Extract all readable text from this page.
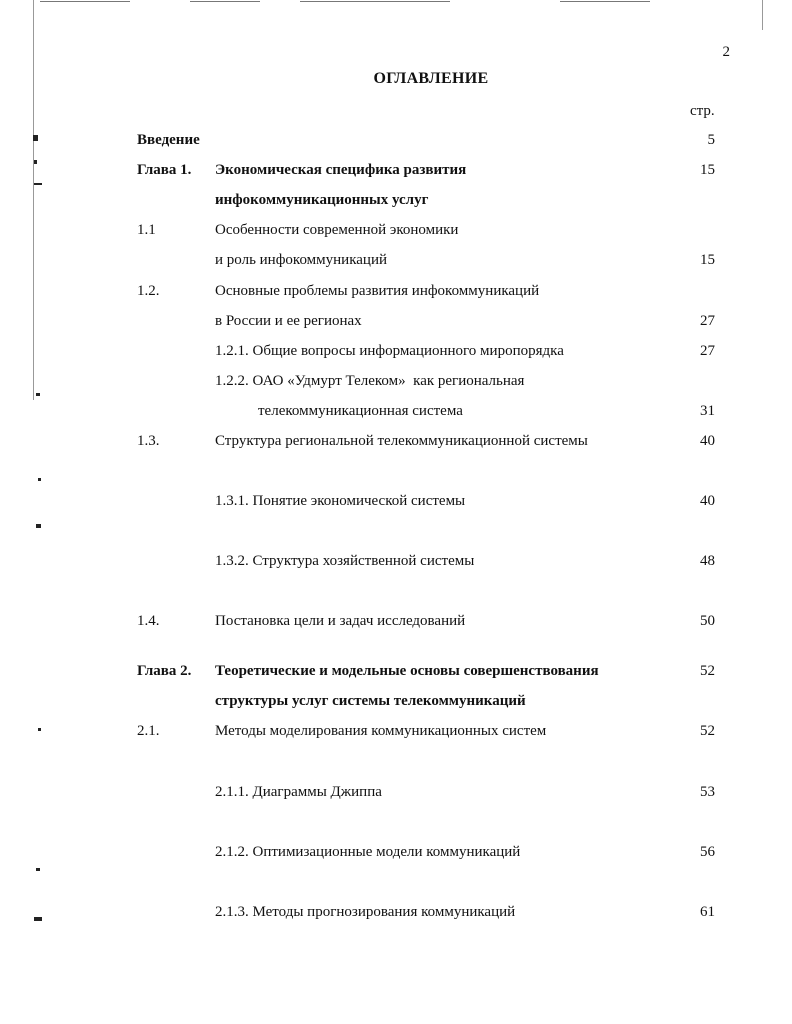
2
ОГЛАВЛЕНИЕ
стр.
Введение	5
Глава 1. Экономическая специфика развития	15
инфокоммуникационных услуг
1.1	Особенности современной экономики
и роль инфокоммуникаций	15
1.2.	Основные проблемы развития инфокоммуникаций
в России и ее регионах	27
1.2.1. Общие вопросы информационного миропорядка	27
1.2.2. ОАО «Удмурт Телеком»  как региональная
телекоммуникационная система	31
1.3.	Структура региональной телекоммуникационной системы	40
1.3.1. Понятие экономической системы	40
1.3.2. Структура хозяйственной системы	48
1.4.	Постановка цели и задач исследований	50
Глава 2. Теоретические и модельные основы совершенствования	52
структуры услуг системы телекоммуникаций
2.1.	Методы моделирования коммуникационных систем	52
2.1.1. Диаграммы Джиппа	53
2.1.2. Оптимизационные модели коммуникаций	56
2.1.3. Методы прогнозирования коммуникаций	61
